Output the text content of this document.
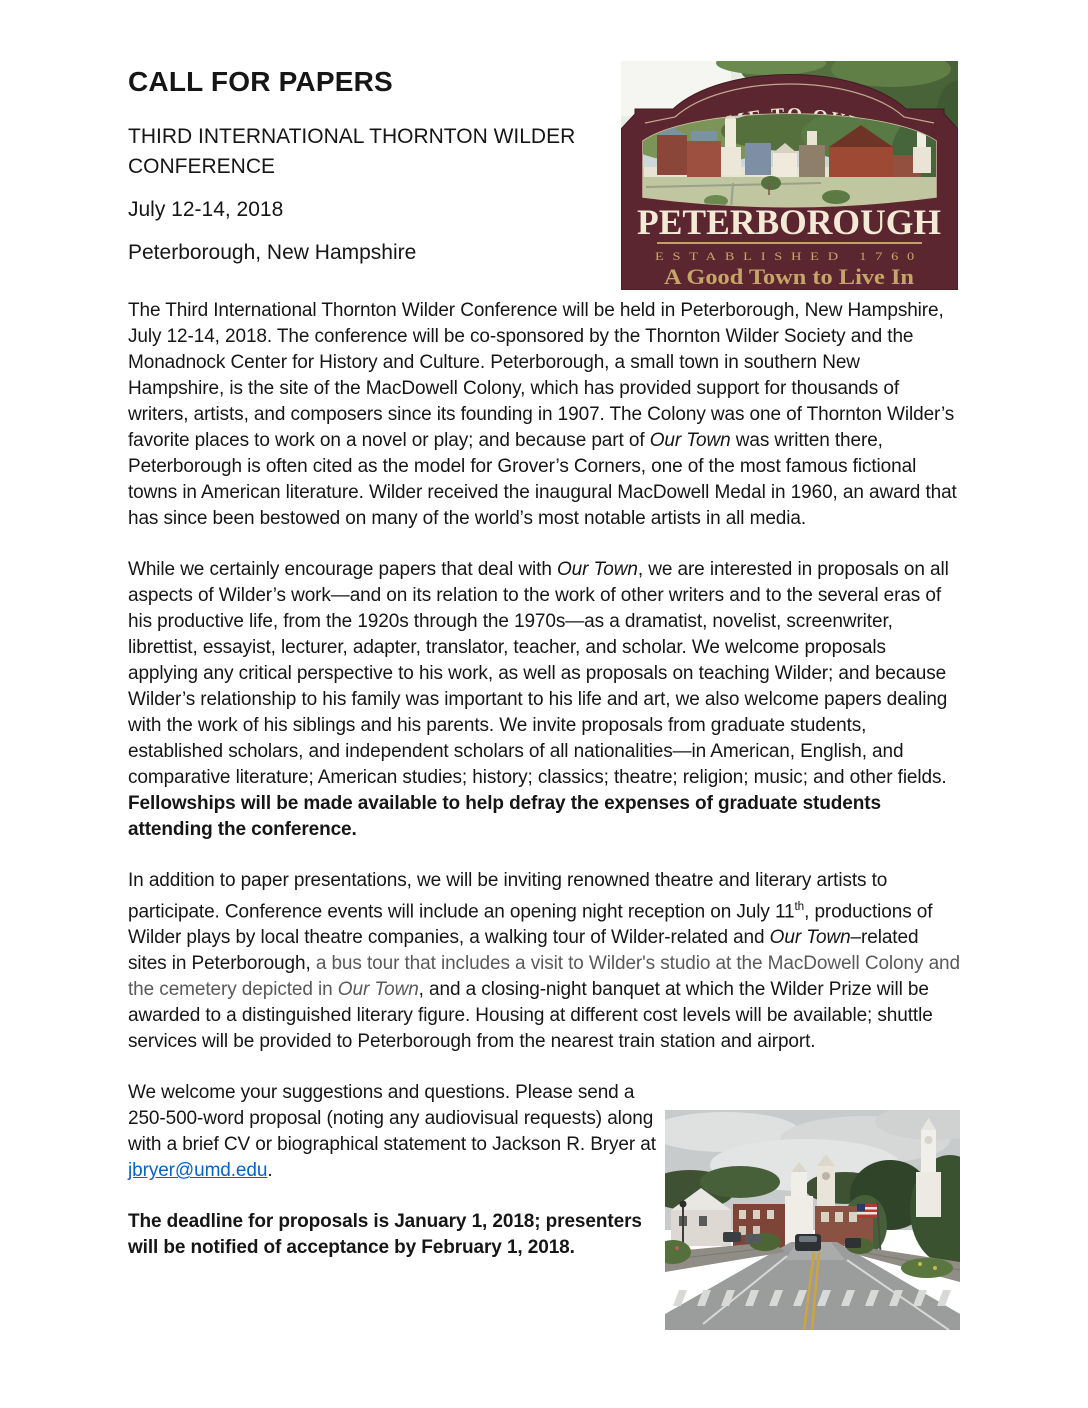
CALL FOR PAPERS

THIRD INTERNATIONAL THORNTON WILDER CONFERENCE

July 12-14, 2018

Peterborough, New Hampshire

The Third International Thornton Wilder Conference will be held in Peterborough, New Hampshire, July 12-14, 2018. The conference will be co-sponsored by the Thornton Wilder Society and the Monadnock Center for History and Culture. Peterborough, a small town in southern New Hampshire, is the site of the MacDowell Colony, which has provided support for thousands of writers, artists, and composers since its founding in 1907. The Colony was one of Thornton Wilder’s favorite places to work on a novel or play; and because part of Our Town was written there, Peterborough is often cited as the model for Grover’s Corners, one of the most famous fictional towns in American literature. Wilder received the inaugural MacDowell Medal in 1960, an award that has since been bestowed on many of the world’s most notable artists in all media.

While we certainly encourage papers that deal with Our Town, we are interested in proposals on all aspects of Wilder’s work—and on its relation to the work of other writers and to the several eras of his productive life, from the 1920s through the 1970s—as a dramatist, novelist, screenwriter, librettist, essayist, lecturer, adapter, translator, teacher, and scholar. We welcome proposals applying any critical perspective to his work, as well as proposals on teaching Wilder; and because Wilder’s relationship to his family was important to his life and art, we also welcome papers dealing with the work of his siblings and his parents. We invite proposals from graduate students, established scholars, and independent scholars of all nationalities—in American, English, and comparative literature; American studies; history; classics; theatre; religion; music; and other fields. Fellowships will be made available to help defray the expenses of graduate students attending the conference.

In addition to paper presentations, we will be inviting renowned theatre and literary artists to participate. Conference events will include an opening night reception on July 11th, productions of Wilder plays by local theatre companies, a walking tour of Wilder-related and Our Town–related sites in Peterborough, a bus tour that includes a visit to Wilder's studio at the MacDowell Colony and the cemetery depicted in Our Town, and a closing-night banquet at which the Wilder Prize will be awarded to a distinguished literary figure. Housing at different cost levels will be available; shuttle services will be provided to Peterborough from the nearest train station and airport.

We welcome your suggestions and questions. Please send a 250-500-word proposal (noting any audiovisual requests) along with a brief CV or biographical statement to Jackson R. Bryer at jbryer@umd.edu.

The deadline for proposals is January 1, 2018; presenters will be notified of acceptance by February 1, 2018.

PETERBOROUGH
ESTABLISHED 1760
A Good Town to Live In
